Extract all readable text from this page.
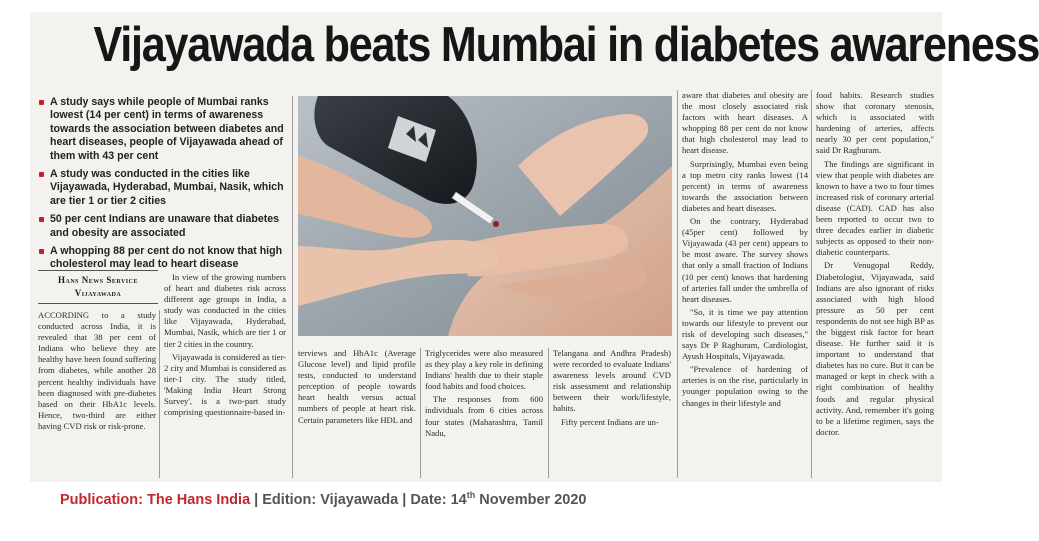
Vijayawada beats Mumbai in diabetes awareness
A study says while people of Mumbai ranks lowest (14 per cent) in terms of awareness towards the association between diabetes and heart diseases, people of Vijayawada ahead of them with 43 per cent
A study was conducted in the cities like Vijayawada, Hyderabad, Mumbai, Nasik, which are tier 1 or tier 2 cities
50 per cent Indians are unaware that diabetes and obesity are associated
A whopping 88 per cent do not know that high cholesterol may lead to heart disease
Hans News Service
Vijayawada

ACCORDING to a study conducted across India, it is revealed that 38 per cent of Indians who believe they are healthy have been found suffering from diabetes, while another 28 percent healthy individuals have been diagnosed with pre-diabetes based on their HbA1c levels. Hence, two-third are either having CVD risk or risk-prone.

In view of the growing numbers of heart and diabetes risk across different age groups in India, a study was conducted in the cities like Vijayawada, Hyderabad, Mumbai, Nasik, which are tier 1 or tier 2 cities in the country.

Vijayawada is considered as tier-2 city and Mumbai is considered as tier-1 city. The study titled, 'Making India Heart Strong Survey', is a two-part study comprising questionnaire-based in-

terviews and HbA1c (Average Glucose level) and lipid profile tests, conducted to understand perception of people towards heart health versus actual numbers of people at heart risk. Certain parameters like HDL and

Triglycerides were also measured as they play a key role in defining Indians' health due to their staple food habits and food choices.

The responses from 600 individuals from 6 cities across four states (Maharashtra, Tamil Nadu,

Telangana and Andhra Pradesh) were recorded to evaluate Indians' awareness levels around CVD risk assessment and relationship between their work/lifestyle, habits.

Fifty percent Indians are un-

aware that diabetes and obesity are the most closely associated risk factors with heart diseases. A whopping 88 per cent do not know that high cholesterol may lead to heart disease.

Surprisingly, Mumbai even being a top metro city ranks lowest (14 percent) in terms of awareness towards the association between diabetes and heart diseases.

On the contrary, Hyderabad (45per cent) followed by Vijayawada (43 per cent) appears to be most aware. The survey shows that only a small fraction of Indians (10 per cent) knows that hardening of arteries fall under the umbrella of heart diseases.

"So, it is time we pay attention towards our lifestyle to prevent our risk of developing such diseases," says Dr P Raghuram, Cardiologist, Ayush Hospitals, Vijayawada.

"Prevalence of hardening of arteries is on the rise, particularly in younger population owing to the changes in their lifestyle and

food habits. Research studies show that coronary stenosis, which is associated with hardening of arteries, affects nearly 30 per cent population," said Dr Raghuram.

The findings are significant in view that people with diabetes are known to have a two to four times increased risk of coronary arterial disease (CAD). CAD has also been reported to occur two to three decades earlier in diabetic subjects as opposed to their non-diabetic counterparts.

Dr Venugopal Reddy, Diabetologist, Vijayawada, said Indians are also ignorant of risks associated with high blood pressure as 50 per cent respondents do not see high BP as the biggest risk factor for heart disease. He further said it is important to understand that diabetes has no cure. But it can be managed or kept in check with a right combination of healthy foods and regular physical activity. And, remember it's going to be a lifetime regimen, says the doctor.

Publication: The Hans India | Edition: Vijayawada | Date: 14th November 2020
